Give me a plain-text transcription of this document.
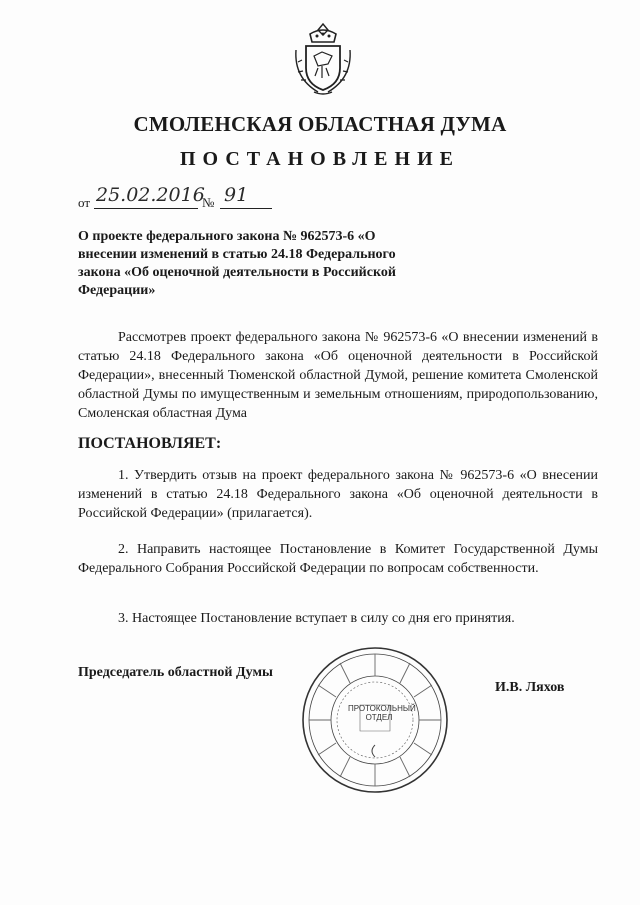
СМОЛЕНСКАЯ ОБЛАСТНАЯ ДУМА
ПОСТАНОВЛЕНИЕ
от 25.02.2016
№ 91
О проекте федерального закона № 962573-6 «О внесении изменений в статью 24.18 Федерального закона «Об оценочной деятельности в Российской Федерации»
Рассмотрев проект федерального закона № 962573-6 «О внесении изменений в статью 24.18 Федерального закона «Об оценочной деятельности в Российской Федерации», внесенный Тюменской областной Думой, решение комитета Смоленской областной Думы по имущественным и земельным отношениям, природопользованию, Смоленская областная Дума
ПОСТАНОВЛЯЕТ:
1. Утвердить отзыв на проект федерального закона № 962573-6 «О внесении изменений в статью 24.18 Федерального закона «Об оценочной деятельности в Российской Федерации» (прилагается).
2. Направить настоящее Постановление в Комитет Государственной Думы Федерального Собрания Российской Федерации по вопросам собственности.
3. Настоящее Постановление вступает в силу со дня его принятия.
Председатель областной Думы
И.В. Ляхов
ПРОТОКОЛЬНЫЙ ОТДЕЛ
